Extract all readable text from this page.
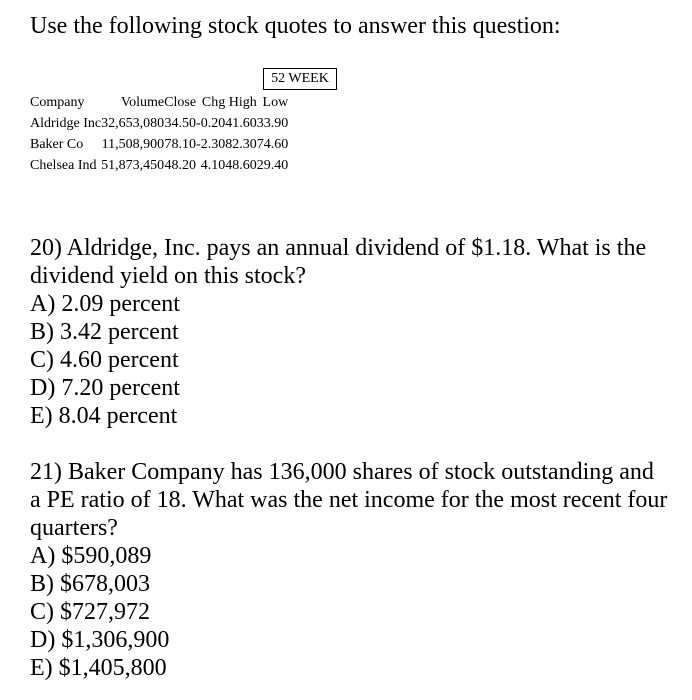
Use the following stock quotes to answer this question:
52 WEEK
Company	Volume	Close	Chg	High	Low
Aldridge Inc	32,653,080	34.50	-0.20	41.60	33.90
Baker Co	11,508,900	78.10	-2.30	82.30	74.60
Chelsea Ind	51,873,450	48.20	4.10	48.60	29.40

20) Aldridge, Inc. pays an annual dividend of $1.18. What is the dividend yield on this stock?

A) 2.09 percent
B) 3.42 percent
C) 4.60 percent
D) 7.20 percent
E) 8.04 percent

21) Baker Company has 136,000 shares of stock outstanding and a PE ratio of 18. What was the net income for the most recent four quarters?

A) $590,089
B) $678,003
C) $727,972
D) $1,306,900
E) $1,405,800
